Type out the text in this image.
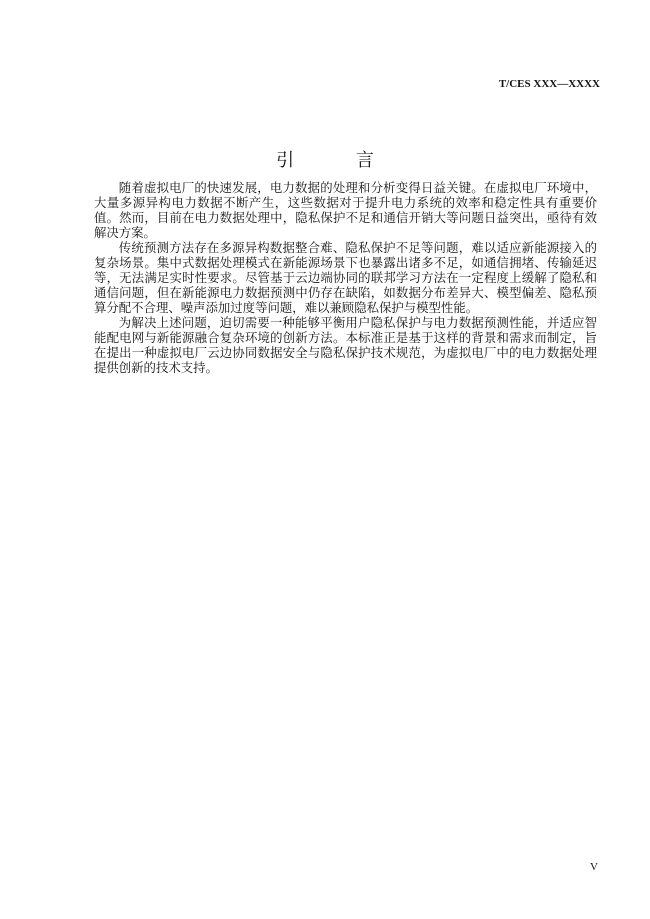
T/CES XXX—XXXX
引 言

随着虚拟电厂的快速发展，电力数据的处理和分析变得日益关键。在虚拟电厂环境中，大量多源异构电力数据不断产生，这些数据对于提升电力系统的效率和稳定性具有重要价值。然而，目前在电力数据处理中，隐私保护不足和通信开销大等问题日益突出，亟待有效解决方案。

传统预测方法存在多源异构数据整合难、隐私保护不足等问题，难以适应新能源接入的复杂场景。集中式数据处理模式在新能源场景下也暴露出诸多不足，如通信拥堵、传输延迟等，无法满足实时性要求。尽管基于云边端协同的联邦学习方法在一定程度上缓解了隐私和通信问题，但在新能源电力数据预测中仍存在缺陷，如数据分布差异大、模型偏差、隐私预算分配不合理、噪声添加过度等问题，难以兼顾隐私保护与模型性能。

为解决上述问题，迫切需要一种能够平衡用户隐私保护与电力数据预测性能，并适应智能配电网与新能源融合复杂环境的创新方法。本标准正是基于这样的背景和需求而制定，旨在提出一种虚拟电厂云边协同数据安全与隐私保护技术规范，为虚拟电厂中的电力数据处理提供创新的技术支持。

V
